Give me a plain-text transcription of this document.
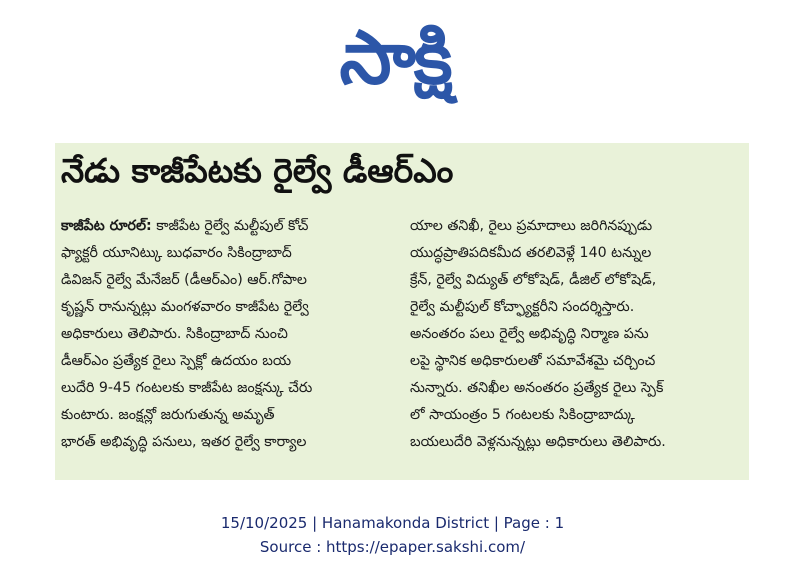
సాక్షి
నేడు కాజీపేటకు రైల్వే డీఆర్ఎం
కాజీపేట రూరల్: కాజీపేట రైల్వే మల్టీపుల్ కోచ్
ఫ్యాక్టరీ యూనిట్కు బుధవారం సికింద్రాబాద్
డివిజన్ రైల్వే మేనేజర్ (డీఆర్ఎం) ఆర్.గోపాల
కృష్ణన్ రానున్నట్లు మంగళవారం కాజీపేట రైల్వే
అధికారులు తెలిపారు. సికింద్రాబాద్ నుంచి
డీఆర్ఎం ప్రత్యేక రైలు స్పెక్లో ఉదయం బయ
లుదేరి 9-45 గంటలకు కాజీపేట జంక్షన్కు చేరు
కుంటారు. జంక్షన్లో జరుగుతున్న అమృత్
భారత్ అభివృద్ధి పనులు, ఇతర రైల్వే కార్యాల
యాల తనిఖీ, రైలు ప్రమాదాలు జరిగినప్పుడు
యుద్ధప్రాతిపదికమీద తరలివెళ్లే 140 టన్నుల
క్రేన్, రైల్వే విద్యుత్ లోకోషెడ్, డీజిల్ లోకోషెడ్,
రైల్వే మల్టీపుల్ కోచ్ఫ్యాక్టరీని సందర్శిస్తారు.
అనంతరం పలు రైల్వే అభివృద్ధి నిర్మాణ పను
లపై స్థానిక అధికారులతో సమావేశమై చర్చించ
నున్నారు. తనిఖీల అనంతరం ప్రత్యేక రైలు స్పెక్
లో సాయంత్రం 5 గంటలకు సికింద్రాబాద్కు
బయలుదేరి వెళ్లనున్నట్లు అధికారులు తెలిపారు.
15/10/2025 | Hanamakonda District | Page : 1
Source : https://epaper.sakshi.com/
